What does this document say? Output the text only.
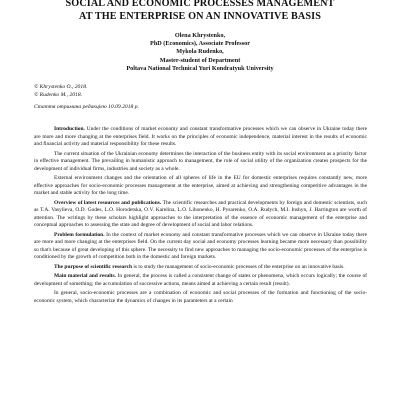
SOCIAL AND ECONOMIC PROCESSES MANAGEMENT
AT THE ENTERPRISE ON AN INNOVATIVE BASIS
Olena Khrystenko,
PhD (Economics), Associate Professor
Mykola Rudenko,
Master-student of Department
Poltava National Technical Yuri Kondratyuk University
© Khrystenko O., 2018.
© Rudenko M., 2018.
Стаття отримана редакцією 10.09.2018 р.

Introduction. Under the conditions of market economy and constant transformative processes which we can observe in Ukraine today there are more and more changing at the enterprises field. It works on the principles of economic independence, material interest in the results of economic and financial activity and material responsibility for these results.

The current situation of the Ukrainian economy determines the interaction of the business entity with its social environment as a priority factor in effective management. The prevailing in humanistic approach to management, the role of social utility of the organization creates prospects for the development of individual firms, industries and society as a whole.

External environment changes and the orientation of all spheres of life in the EU for domestic enterprises requires constantly new, more effective approaches for socio-economic processes management at the enterprise, aimed at achieving and strengthening competitive advantages in the market and stable activity for the long time.

Overview of latest resources and publications. The scientific researches and practical developments by foreign and domestic scientists, such as T.A. Vasylieva, O.D. Godes, L.O. Horodetska, O.V. Karelina, L.O. Lihonenko, H. Pysarenko, O.A. Rudych, M.I. Inshyn, J. Harrington are worth of attention. The writings by these scholars highlight approaches to the interpretation of the essence of economic management of the enterprise and conceptual approaches to assessing the state and degree of development of social and labor relations.

Problem formulation. In the context of market economy and constant transformative processes which we can observe in Ukraine today there are more and more changing at the enterprises field. On the current day social and economy processes learning became more necessary than possibility so that's because of great developing of this sphere. The necessity to find new approaches to managing the socio-economic processes of the enterprise is conditioned by the growth of competition both in the domestic and foreign markets.

The purpose of scientific research is to study the management of socio-economic processes of the enterprise on an innovative basis.

Main material and results. In general, the process is called a consistent change of states or phenomena, which occurs logically; the course of development of something; the accumulation of successive actions, means aimed at achieving a certain result (result).

In general, socio-economic processes are a combination of economic and social processes of the formation and functioning of the socio-economic system, which characterize the dynamics of changes in its parameters at a certain
